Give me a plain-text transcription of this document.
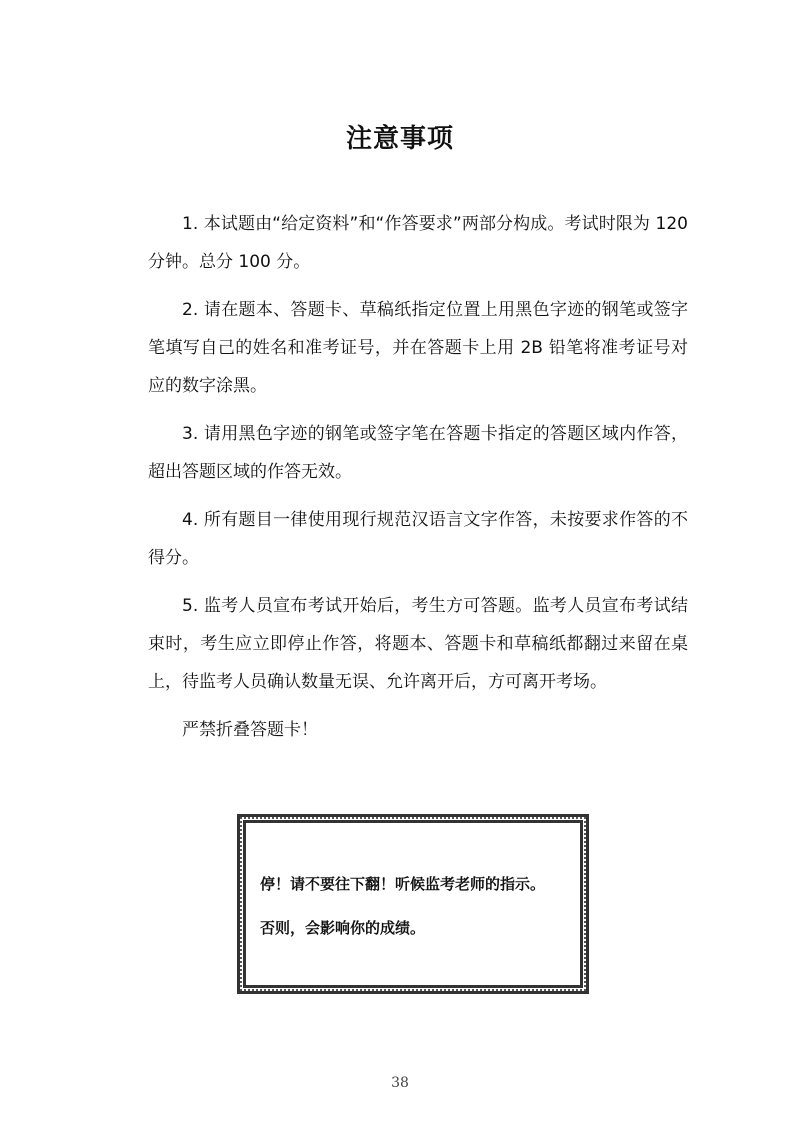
注意事项

1. 本试题由“给定资料”和“作答要求”两部分构成。考试时限为 120 分钟。总分 100 分。

2. 请在题本、答题卡、草稿纸指定位置上用黑色字迹的钢笔或签字笔填写自己的姓名和准考证号，并在答题卡上用 2B 铅笔将准考证号对应的数字涂黑。

3. 请用黑色字迹的钢笔或签字笔在答题卡指定的答题区域内作答，超出答题区域的作答无效。

4. 所有题目一律使用现行规范汉语言文字作答，未按要求作答的不得分。

5. 监考人员宣布考试开始后，考生方可答题。监考人员宣布考试结束时，考生应立即停止作答，将题本、答题卡和草稿纸都翻过来留在桌上，待监考人员确认数量无误、允许离开后，方可离开考场。

严禁折叠答题卡！

停！请不要往下翻！听候监考老师的指示。

否则，会影响你的成绩。

38
